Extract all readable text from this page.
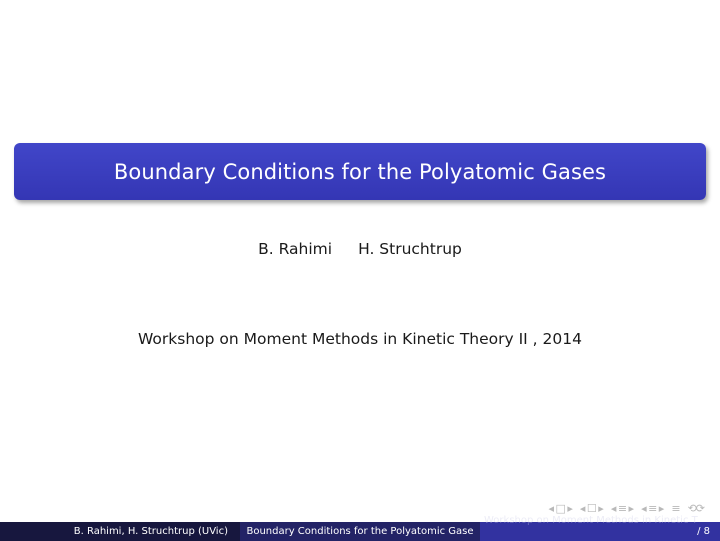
Boundary Conditions for the Polyatomic Gases
B. Rahimi H. Struchtrup
Workshop on Moment Methods in Kinetic Theory II , 2014
◂ □ ▸ ◂ ☐ ▸ ◂ ≡ ▸ ◂ ≡ ▸ ≡ ⟲⟳
B. Rahimi, H. Struchtrup (UVic) Boundary Conditions for the Polyatomic Gase
Workshop on Moment Methods in Kinetic T
/ 8
